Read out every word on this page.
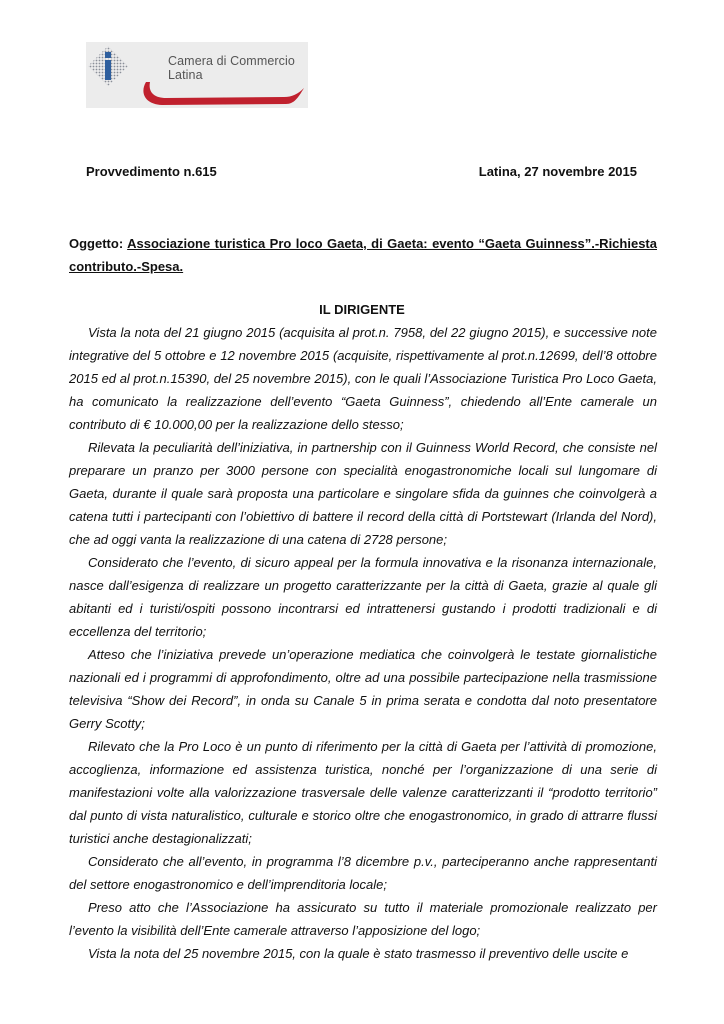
Camera di Commercio
Latina
Provvedimento n.615	Latina, 27 novembre 2015
Oggetto: Associazione turistica Pro loco Gaeta, di Gaeta: evento “Gaeta Guinness”.-Richiesta contributo.-Spesa.
IL DIRIGENTE

Vista la nota del 21 giugno 2015 (acquisita al prot.n. 7958, del 22 giugno 2015), e successive note integrative del 5 ottobre e 12 novembre 2015 (acquisite, rispettivamente al prot.n.12699, dell’8 ottobre 2015 ed al prot.n.15390, del 25 novembre 2015), con le quali l’Associazione Turistica Pro Loco Gaeta, ha comunicato la realizzazione dell’evento “Gaeta Guinness”, chiedendo all’Ente camerale un contributo di € 10.000,00 per la realizzazione dello stesso;

Rilevata la peculiarità dell’iniziativa, in partnership con il Guinness World Record, che consiste nel preparare un pranzo per 3000 persone con specialità enogastronomiche locali sul lungomare di Gaeta, durante il quale sarà proposta una particolare e singolare sfida da guinnes che coinvolgerà a catena tutti i partecipanti con l’obiettivo di battere il record della città di Portstewart (Irlanda del Nord), che ad oggi vanta la realizzazione di una catena di 2728 persone;

Considerato che l’evento, di sicuro appeal per la formula innovativa e la risonanza internazionale, nasce dall’esigenza di realizzare un progetto caratterizzante per la città di Gaeta, grazie al quale gli abitanti ed i turisti/ospiti possono incontrarsi ed intrattenersi gustando i prodotti tradizionali e di eccellenza del territorio;

Atteso che l’iniziativa prevede un’operazione mediatica che coinvolgerà le testate giornalistiche nazionali ed i programmi di approfondimento, oltre ad una possibile partecipazione nella trasmissione televisiva “Show dei Record”, in onda su Canale 5 in prima serata e condotta dal noto presentatore Gerry Scotty;

Rilevato che la Pro Loco è un punto di riferimento per la città di Gaeta per l’attività di promozione, accoglienza, informazione ed assistenza turistica, nonché per l’organizzazione di una serie di manifestazioni volte alla valorizzazione trasversale delle valenze caratterizzanti il “prodotto territorio” dal punto di vista naturalistico, culturale e storico oltre che enogastronomico, in grado di attrarre flussi turistici anche destagionalizzati;

Considerato che all’evento, in programma l’8 dicembre p.v., parteciperanno anche rappresentanti del settore enogastronomico e dell’imprenditoria locale;

Preso atto che l’Associazione ha assicurato su tutto il materiale promozionale realizzato per l’evento la visibilità dell’Ente camerale attraverso l’apposizione del logo;

Vista la nota del 25 novembre 2015, con la quale è stato trasmesso il preventivo delle uscite e
